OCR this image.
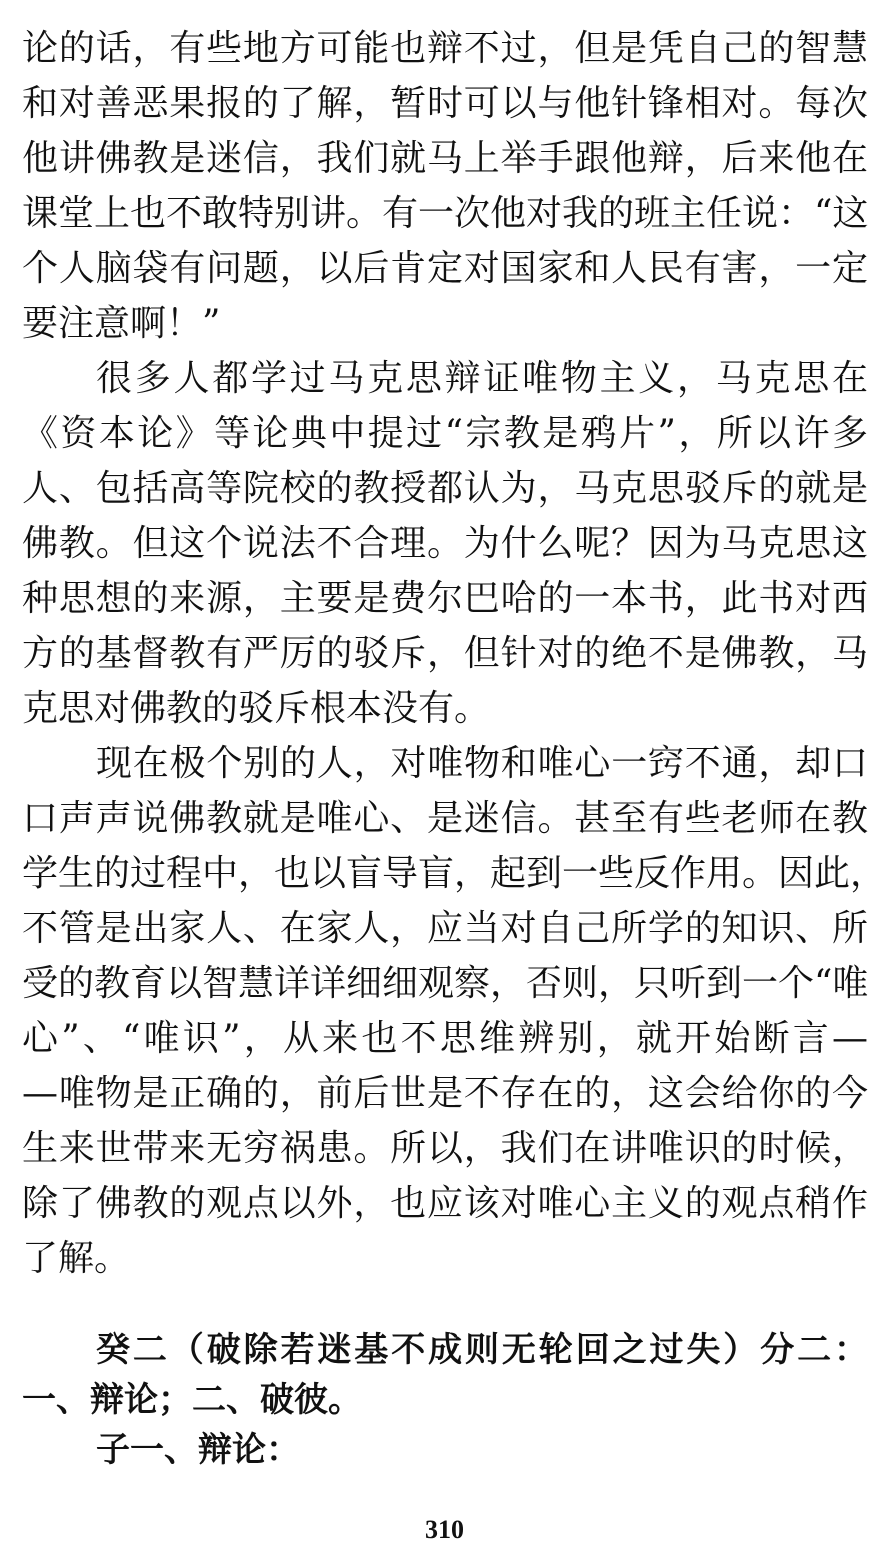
论的话，有些地方可能也辩不过，但是凭自己的智慧
和对善恶果报的了解，暂时可以与他针锋相对。每次
他讲佛教是迷信，我们就马上举手跟他辩，后来他在
课堂上也不敢特别讲。有一次他对我的班主任说：“这
个人脑袋有问题，以后肯定对国家和人民有害，一定
要注意啊！”
很多人都学过马克思辩证唯物主义，马克思在
《资本论》等论典中提过“宗教是鸦片”，所以许多
人、包括高等院校的教授都认为，马克思驳斥的就是
佛教。但这个说法不合理。为什么呢？因为马克思这
种思想的来源，主要是费尔巴哈的一本书，此书对西
方的基督教有严厉的驳斥，但针对的绝不是佛教，马
克思对佛教的驳斥根本没有。
现在极个别的人，对唯物和唯心一窍不通，却口
口声声说佛教就是唯心、是迷信。甚至有些老师在教
学生的过程中，也以盲导盲，起到一些反作用。因此，
不管是出家人、在家人，应当对自己所学的知识、所
受的教育以智慧详详细细观察，否则，只听到一个“唯
心”、“唯识”，从来也不思维辨别，就开始断言—
—唯物是正确的，前后世是不存在的，这会给你的今
生来世带来无穷祸患。所以，我们在讲唯识的时候，
除了佛教的观点以外，也应该对唯心主义的观点稍作
了解。
癸二（破除若迷基不成则无轮回之过失）分二：
一、辩论；二、破彼。
子一、辩论：
310
